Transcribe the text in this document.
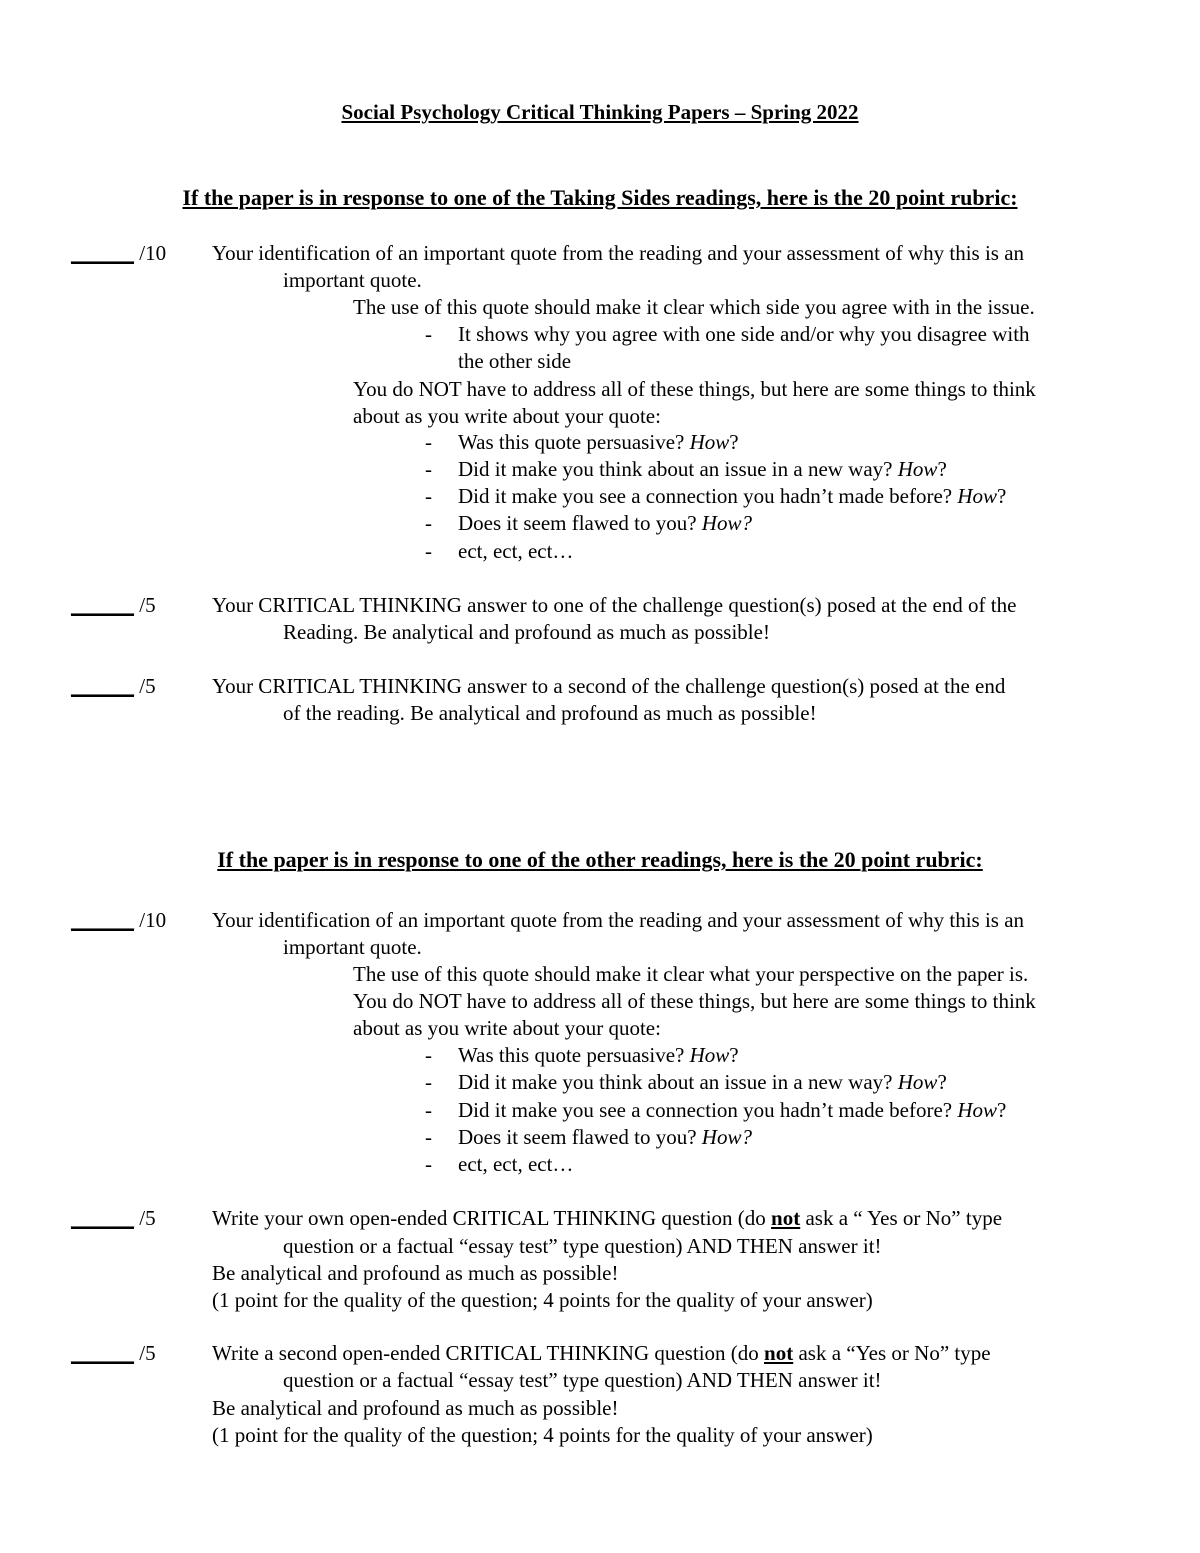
Social Psychology Critical Thinking Papers – Spring 2022
If the paper is in response to one of the Taking Sides readings, here is the 20 point rubric:
______ /10 Your identification of an important quote from the reading and your assessment of why this is an
important quote.
The use of this quote should make it clear which side you agree with in the issue.
- It shows why you agree with one side and/or why you disagree with
the other side
You do NOT have to address all of these things, but here are some things to think
about as you write about your quote:
- Was this quote persuasive? How?
- Did it make you think about an issue in a new way? How?
- Did it make you see a connection you hadn’t made before? How?
- Does it seem flawed to you? How?
- ect, ect, ect…
______ /5	Your CRITICAL THINKING answer to one of the challenge question(s) posed at the end of the
Reading. Be analytical and profound as much as possible!
______ /5	Your CRITICAL THINKING answer to a second of the challenge question(s) posed at the end
of the reading. Be analytical and profound as much as possible!
If the paper is in response to one of the other readings, here is the 20 point rubric:
______ /10 Your identification of an important quote from the reading and your assessment of why this is an
important quote.
The use of this quote should make it clear what your perspective on the paper is.
You do NOT have to address all of these things, but here are some things to think
about as you write about your quote:
- Was this quote persuasive? How?
- Did it make you think about an issue in a new way? How?
- Did it make you see a connection you hadn’t made before? How?
- Does it seem flawed to you? How?
- ect, ect, ect…
______ /5	Write your own open-ended CRITICAL THINKING question (do not ask a “ Yes or No” type
question or a factual “essay test” type question) AND THEN answer it!
Be analytical and profound as much as possible!
(1 point for the quality of the question; 4 points for the quality of your answer)
______ /5	Write a second open-ended CRITICAL THINKING question (do not ask a “Yes or No” type
question or a factual “essay test” type question) AND THEN answer it!
Be analytical and profound as much as possible!
(1 point for the quality of the question; 4 points for the quality of your answer)
